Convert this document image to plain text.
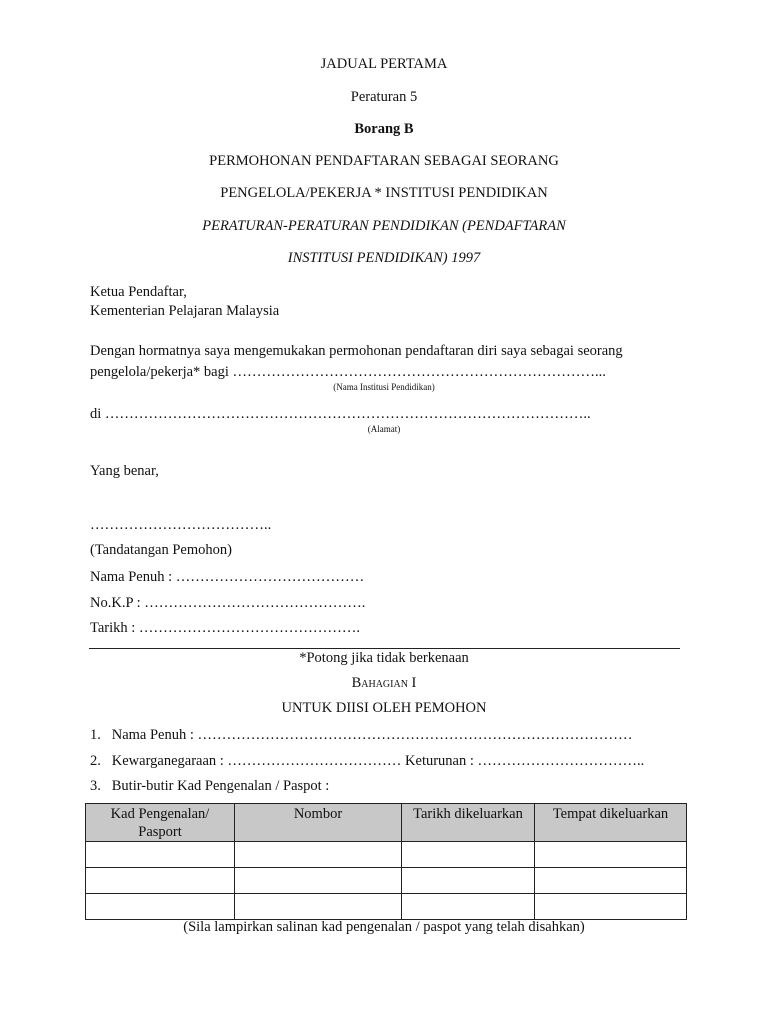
JADUAL PERTAMA
Peraturan 5
Borang B
PERMOHONAN PENDAFTARAN SEBAGAI SEORANG
PENGELOLA/PEKERJA * INSTITUSI PENDIDIKAN
PERATURAN-PERATURAN PENDIDIKAN (PENDAFTARAN
INSTITUSI PENDIDIKAN) 1997
Ketua Pendaftar,
Kementerian Pelajaran Malaysia
Dengan hormatnya saya mengemukakan permohonan pendaftaran diri saya sebagai seorang
pengelola/pekerja* bagi …………………………………………………………………...
(Nama Institusi Pendidikan)
di ………………………………………………………………………………………..
(Alamat)
Yang benar,
………………………………..
(Tandatangan Pemohon)
Nama Penuh : …………………………………
No.K.P : ……………………………………….
Tarikh : ……………………………………….
*Potong jika tidak berkenaan
Bahagian I
UNTUK DIISI OLEH PEMOHON
1.   Nama Penuh : ………………………………………………………………………………
2.   Kewarganegaraan : ……………………………… Keturunan : ……………………………..
3.   Butir-butir Kad Pengenalan / Paspot :
Kad Pengenalan/
Pasport	Nombor	Tarikh dikeluarkan	Tempat dikeluarkan

(Sila lampirkan salinan kad pengenalan / paspot yang telah disahkan)
